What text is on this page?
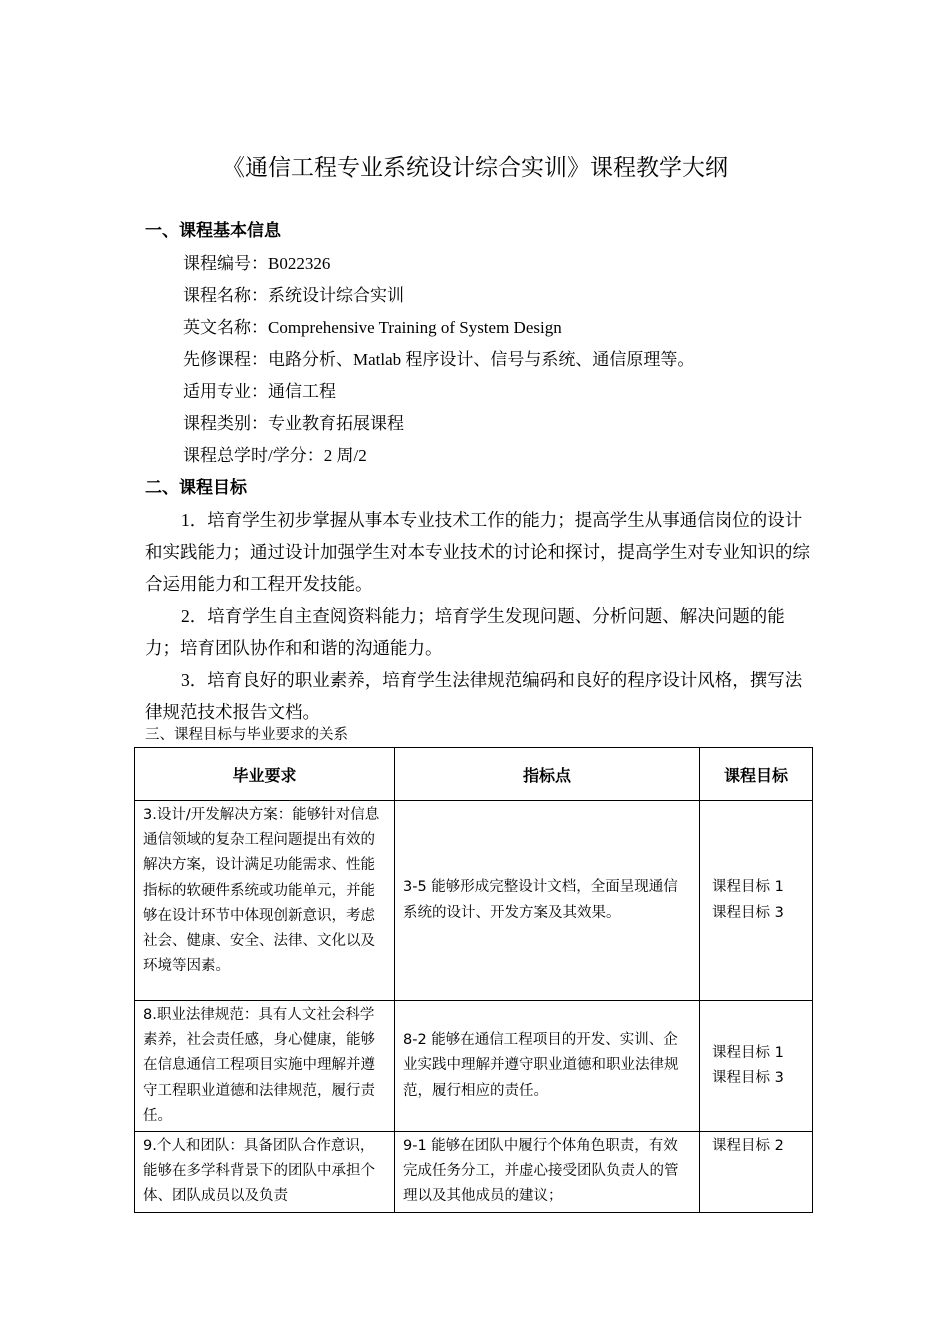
《通信工程专业系统设计综合实训》课程教学大纲
一、课程基本信息
课程编号：B022326
课程名称：系统设计综合实训
英文名称：Comprehensive Training of System Design
先修课程：电路分析、Matlab 程序设计、信号与系统、通信原理等。
适用专业：通信工程
课程类别：专业教育拓展课程
课程总学时/学分：2 周/2
二、课程目标
1．培育学生初步掌握从事本专业技术工作的能力；提高学生从事通信岗位的设计和实践能力；通过设计加强学生对本专业技术的讨论和探讨，提高学生对专业知识的综合运用能力和工程开发技能。
2．培育学生自主查阅资料能力；培育学生发现问题、分析问题、解决问题的能力；培育团队协作和和谐的沟通能力。
3．培育良好的职业素养，培育学生法律规范编码和良好的程序设计风格，撰写法律规范技术报告文档。
三、课程目标与毕业要求的关系
毕业要求	指标点	课程目标
3.设计/开发解决方案：能够针对信息通信领域的复杂工程问题提出有效的解决方案，设计满足功能需求、性能指标的软硬件系统或功能单元，并能够在设计环节中体现创新意识，考虑社会、健康、安全、法律、文化以及环境等因素。	3-5 能够形成完整设计文档，全面呈现通信系统的设计、开发方案及其效果。	课程目标 1
课程目标 3

8.职业法律规范：具有人文社会科学素养，社会责任感，身心健康，能够在信息通信工程项目实施中理解并遵守工程职业道德和法律规范，履行责任。	8-2 能够在通信工程项目的开发、实训、企业实践中理解并遵守职业道德和职业法律规范，履行相应的责任。	课程目标 1
课程目标 3

9.个人和团队：具备团队合作意识，能够在多学科背景下的团队中承担个体、团队成员以及负责	9-1 能够在团队中履行个体角色职责，有效完成任务分工，并虚心接受团队负责人的管理以及其他成员的建议；	课程目标 2
